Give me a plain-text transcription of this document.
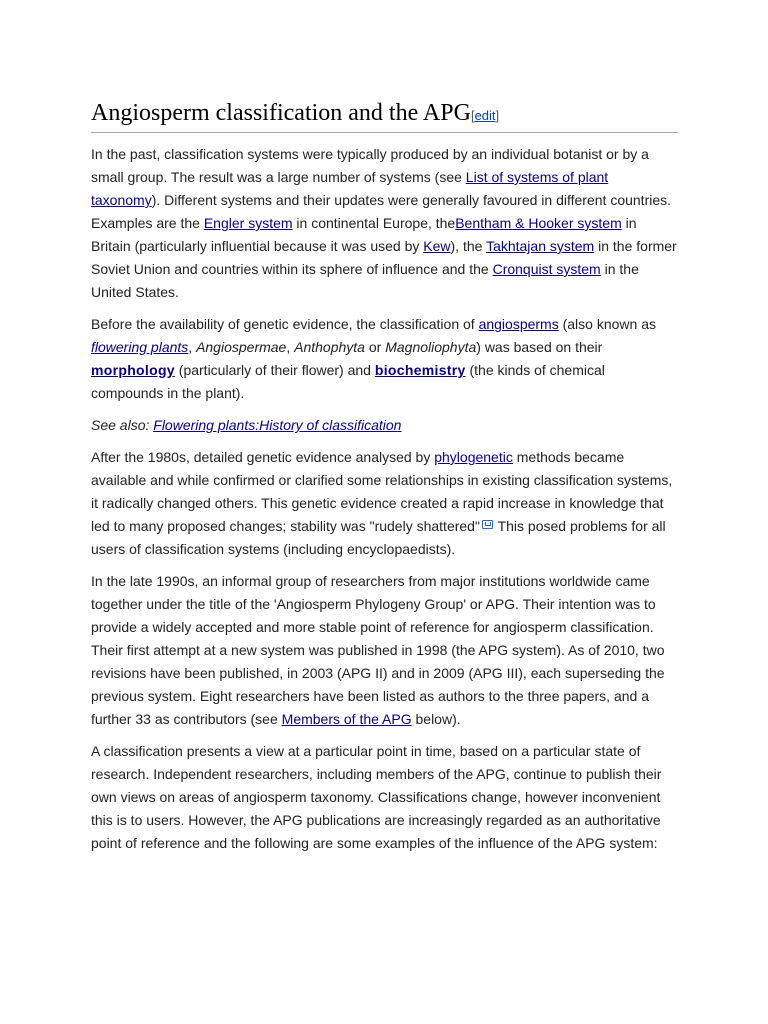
Angiosperm classification and the APG[edit]

In the past, classification systems were typically produced by an individual botanist or by a small group. The result was a large number of systems (see List of systems of plant taxonomy). Different systems and their updates were generally favoured in different countries. Examples are the Engler system in continental Europe, theBentham & Hooker system in Britain (particularly influential because it was used by Kew), the Takhtajan system in the former Soviet Union and countries within its sphere of influence and the Cronquist system in the United States.

Before the availability of genetic evidence, the classification of angiosperms (also known as flowering plants, Angiospermae, Anthophyta or Magnoliophyta) was based on their morphology (particularly of their flower) and biochemistry (the kinds of chemical compounds in the plant).

See also: Flowering plants:History of classification

After the 1980s, detailed genetic evidence analysed by phylogenetic methods became available and while confirmed or clarified some relationships in existing classification systems, it radically changed others. This genetic evidence created a rapid increase in knowledge that led to many proposed changes; stability was "rudely shattered" This posed problems for all users of classification systems (including encyclopaedists).

In the late 1990s, an informal group of researchers from major institutions worldwide came together under the title of the 'Angiosperm Phylogeny Group' or APG. Their intention was to provide a widely accepted and more stable point of reference for angiosperm classification. Their first attempt at a new system was published in 1998 (the APG system). As of 2010, two revisions have been published, in 2003 (APG II) and in 2009 (APG III), each superseding the previous system. Eight researchers have been listed as authors to the three papers, and a further 33 as contributors (see Members of the APG below).

A classification presents a view at a particular point in time, based on a particular state of research. Independent researchers, including members of the APG, continue to publish their own views on areas of angiosperm taxonomy. Classifications change, however inconvenient this is to users. However, the APG publications are increasingly regarded as an authoritative point of reference and the following are some examples of the influence of the APG system:
